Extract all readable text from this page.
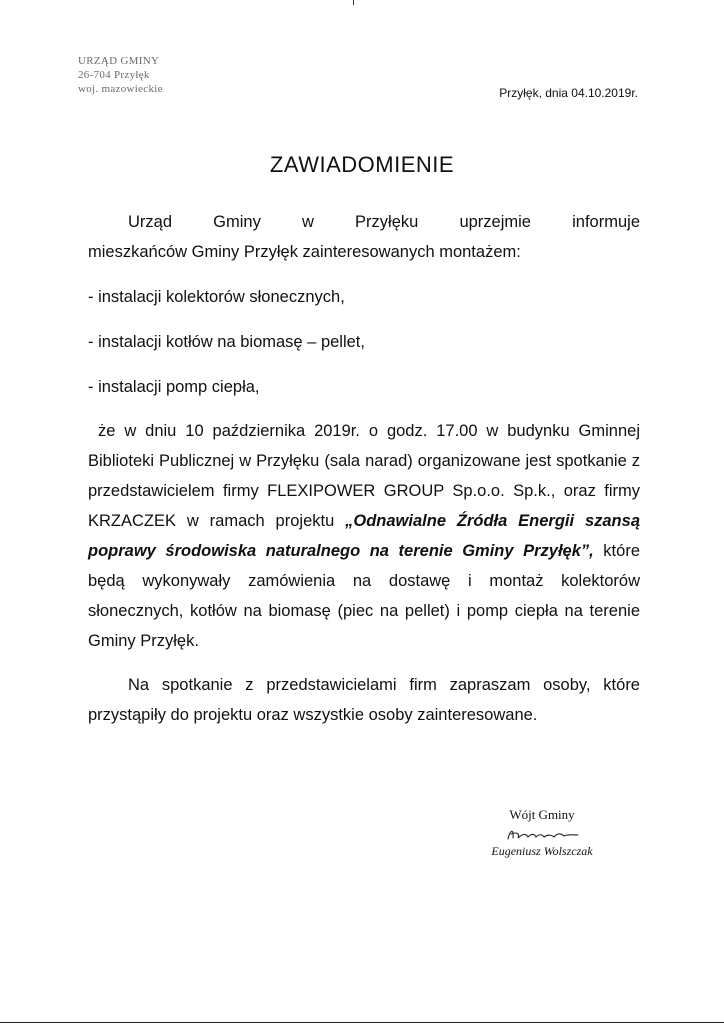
URZĄD GMINY
26-704 Przyłęk
woj. mazowieckie	Przyłęk, dnia 04.10.2019r.
ZAWIADOMIENIE

Urząd Gminy w Przyłęku uprzejmie informuje

mieszkańców Gminy Przyłęk zainteresowanych montażem:

- instalacji kolektorów słonecznych,

- instalacji kotłów na biomasę – pellet,

- instalacji pomp ciepła,

że w dniu 10 października 2019r. o godz. 17.00 w budynku Gminnej Biblioteki Publicznej w Przyłęku (sala narad) organizowane jest spotkanie z przedstawicielem firmy FLEXIPOWER GROUP Sp.o.o. Sp.k., oraz firmy KRZACZEK w ramach projektu „Odnawialne Źródła Energii szansą poprawy środowiska naturalnego na terenie Gminy Przyłęk”, które będą wykonywały zamówienia na dostawę i montaż kolektorów słonecznych, kotłów na biomasę (piec na pellet) i pomp ciepła na terenie Gminy Przyłęk.

Na spotkanie z przedstawicielami firm zapraszam osoby, które przystąpiły do projektu oraz wszystkie osoby zainteresowane.

Wójt Gminy
Eugeniusz Wolszczak
